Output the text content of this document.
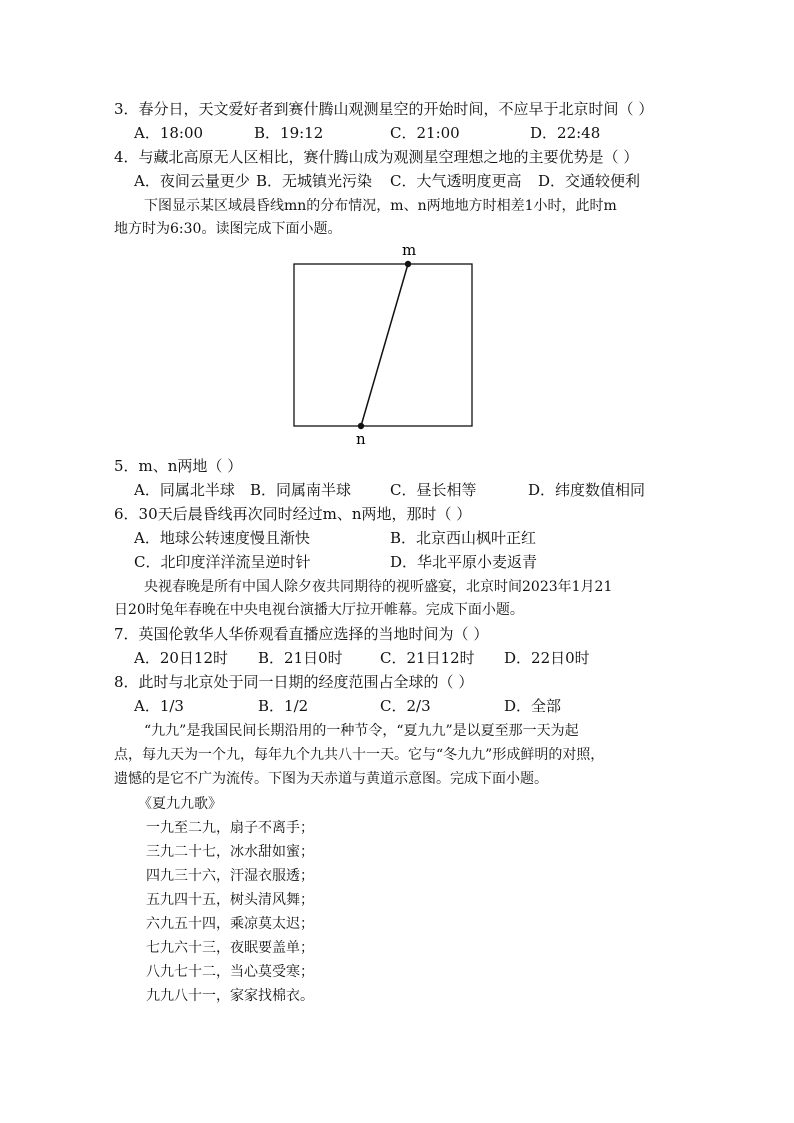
3．春分日，天文爱好者到赛什腾山观测星空的开始时间，不应早于北京时间（ ）
A．18:00	B．19:12	C．21:00	D．22:48
4．与藏北高原无人区相比，赛什腾山成为观测星空理想之地的主要优势是（ ）
A．夜间云量更少 B．无城镇光污染 C．大气透明度更高 D．交通较便利
下图显示某区域晨昏线mn的分布情况，m、n两地地方时相差1小时，此时m
地方时为6:30。读图完成下面小题。
m
n
5．m、n两地（ ）
A．同属北半球 B．同属南半球	C．昼长相等	D．纬度数值相同
6．30天后晨昏线再次同时经过m、n两地，那时（ ）
A．地球公转速度慢且渐快	B．北京西山枫叶正红
C．北印度洋洋流呈逆时针	D．华北平原小麦返青
央视春晚是所有中国人除夕夜共同期待的视听盛宴，北京时间2023年1月21
日20时兔年春晚在中央电视台演播大厅拉开帷幕。完成下面小题。
7．英国伦敦华人华侨观看直播应选择的当地时间为（ ）
A．20日12时 B．21日0时 C．21日12时 D．22日0时
8．此时与北京处于同一日期的经度范围占全球的（ ）
A．1/3	B．1/2	C．2/3	D．全部
“九九”是我国民间长期沿用的一种节令，“夏九九”是以夏至那一天为起
点，每九天为一个九，每年九个九共八十一天。它与“冬九九”形成鲜明的对照，
遗憾的是它不广为流传。下图为天赤道与黄道示意图。完成下面小题。
《夏九九歌》
一九至二九，扇子不离手；
三九二十七，冰水甜如蜜；
四九三十六，汗湿衣服透；
五九四十五，树头清风舞；
六九五十四，乘凉莫太迟；
七九六十三，夜眠要盖单；
八九七十二，当心莫受寒；
九九八十一，家家找棉衣。
